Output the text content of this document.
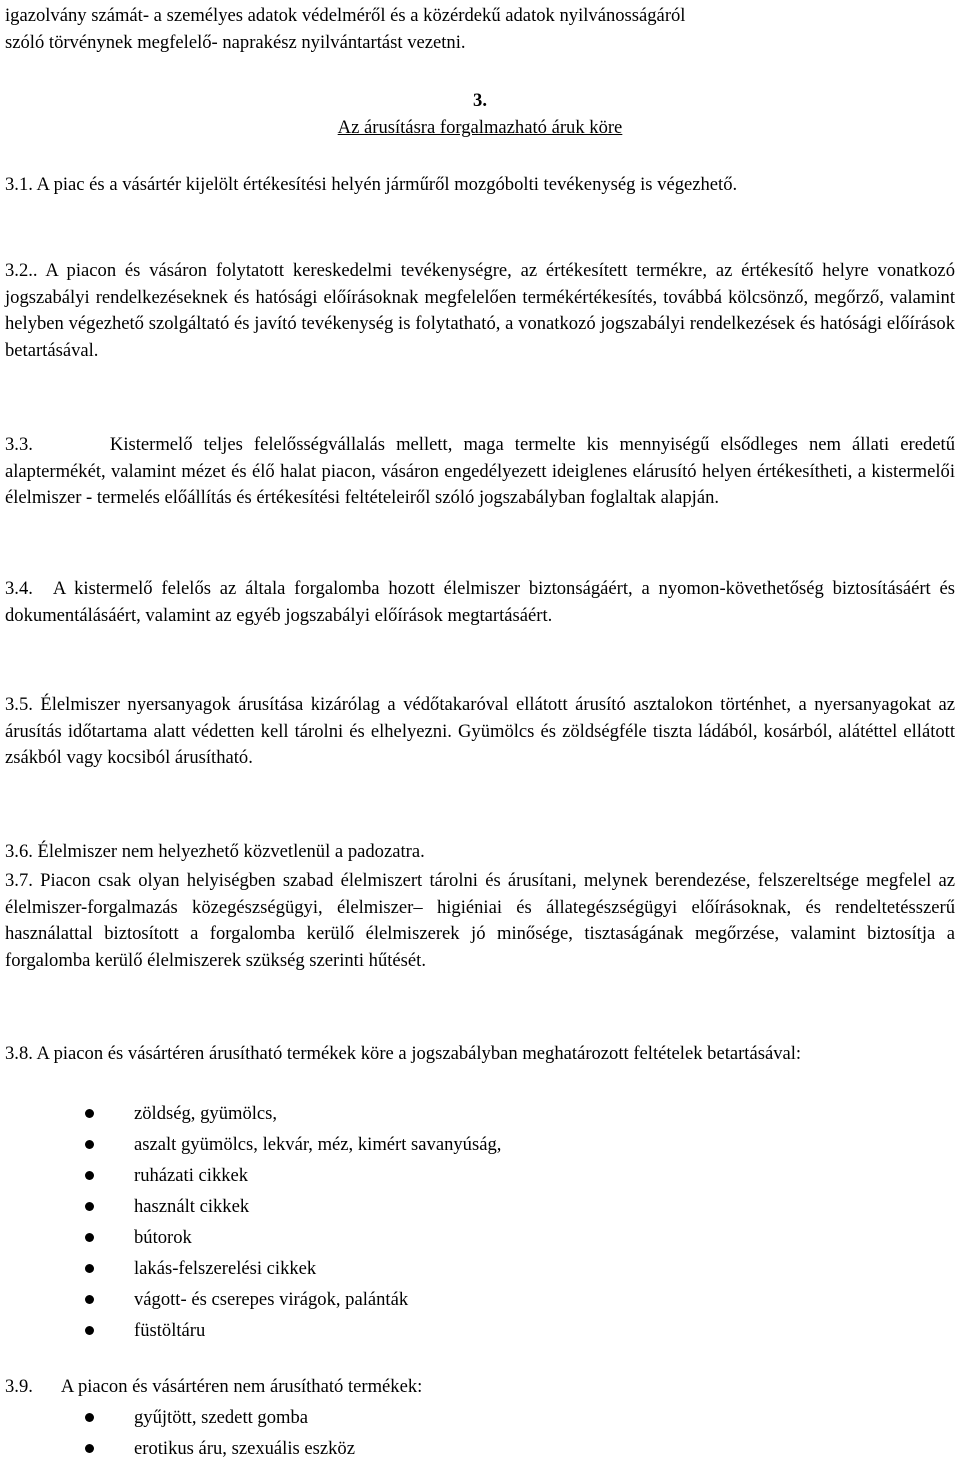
igazolvány számát- a személyes adatok védelméről és a közérdekű adatok nyilvánosságáról
szóló törvénynek megfelelő- naprakész nyilvántartást vezetni.
3.
Az árusításra forgalmazható áruk köre
3.1. A piac és a vásártér kijelölt értékesítési helyén járműről mozgóbolti tevékenység is végezhető.
3.2.. A piacon és vásáron folytatott kereskedelmi tevékenységre, az értékesített termékre, az értékesítő helyre vonatkozó jogszabályi rendelkezéseknek és hatósági előírásoknak megfelelően termékértékesítés, továbbá kölcsönző, megőrző, valamint helyben végezhető szolgáltató és javító tevékenység is folytatható, a vonatkozó jogszabályi rendelkezések és hatósági előírások betartásával.
3.3.	Kistermelő teljes felelősségvállalás mellett, maga termelte kis mennyiségű elsődleges nem állati eredetű alaptermékét, valamint mézet és élő halat piacon, vásáron engedélyezett ideiglenes elárusító helyen értékesítheti, a kistermelői élelmiszer - termelés előállítás és értékesítési feltételeiről szóló jogszabályban foglaltak alapján.
3.4. A kistermelő felelős az általa forgalomba hozott élelmiszer biztonságáért, a nyomon-követhetőség biztosításáért és dokumentálásáért, valamint az egyéb jogszabályi előírások megtartásáért.
3.5. Élelmiszer nyersanyagok árusítása kizárólag a védőtakaróval ellátott árusító asztalokon történhet, a nyersanyagokat az árusítás időtartama alatt védetten kell tárolni és elhelyezni. Gyümölcs és zöldségféle tiszta ládából, kosárból, alátéttel ellátott zsákból vagy kocsiból árusítható.
3.6. Élelmiszer nem helyezhető közvetlenül a padozatra.
3.7. Piacon csak olyan helyiségben szabad élelmiszert tárolni és árusítani, melynek berendezése, felszereltsége megfelel az élelmiszer-forgalmazás közegészségügyi, élelmiszer– higiéniai és állategészségügyi előírásoknak, és rendeltetésszerű használattal biztosított a forgalomba kerülő élelmiszerek jó minősége, tisztaságának megőrzése, valamint biztosítja a forgalomba kerülő élelmiszerek szükség szerinti hűtését.
3.8. A piacon és vásártéren árusítható termékek köre a jogszabályban meghatározott feltételek betartásával:
zöldség, gyümölcs,
aszalt gyümölcs, lekvár, méz, kimért savanyúság,
ruházati cikkek
használt cikkek
bútorok
lakás-felszerelési cikkek
vágott- és cserepes virágok, palánták
füstöltáru
3.9. A piacon és vásártéren nem árusítható termékek:
gyűjtött, szedett gomba
erotikus áru, szexuális eszköz
